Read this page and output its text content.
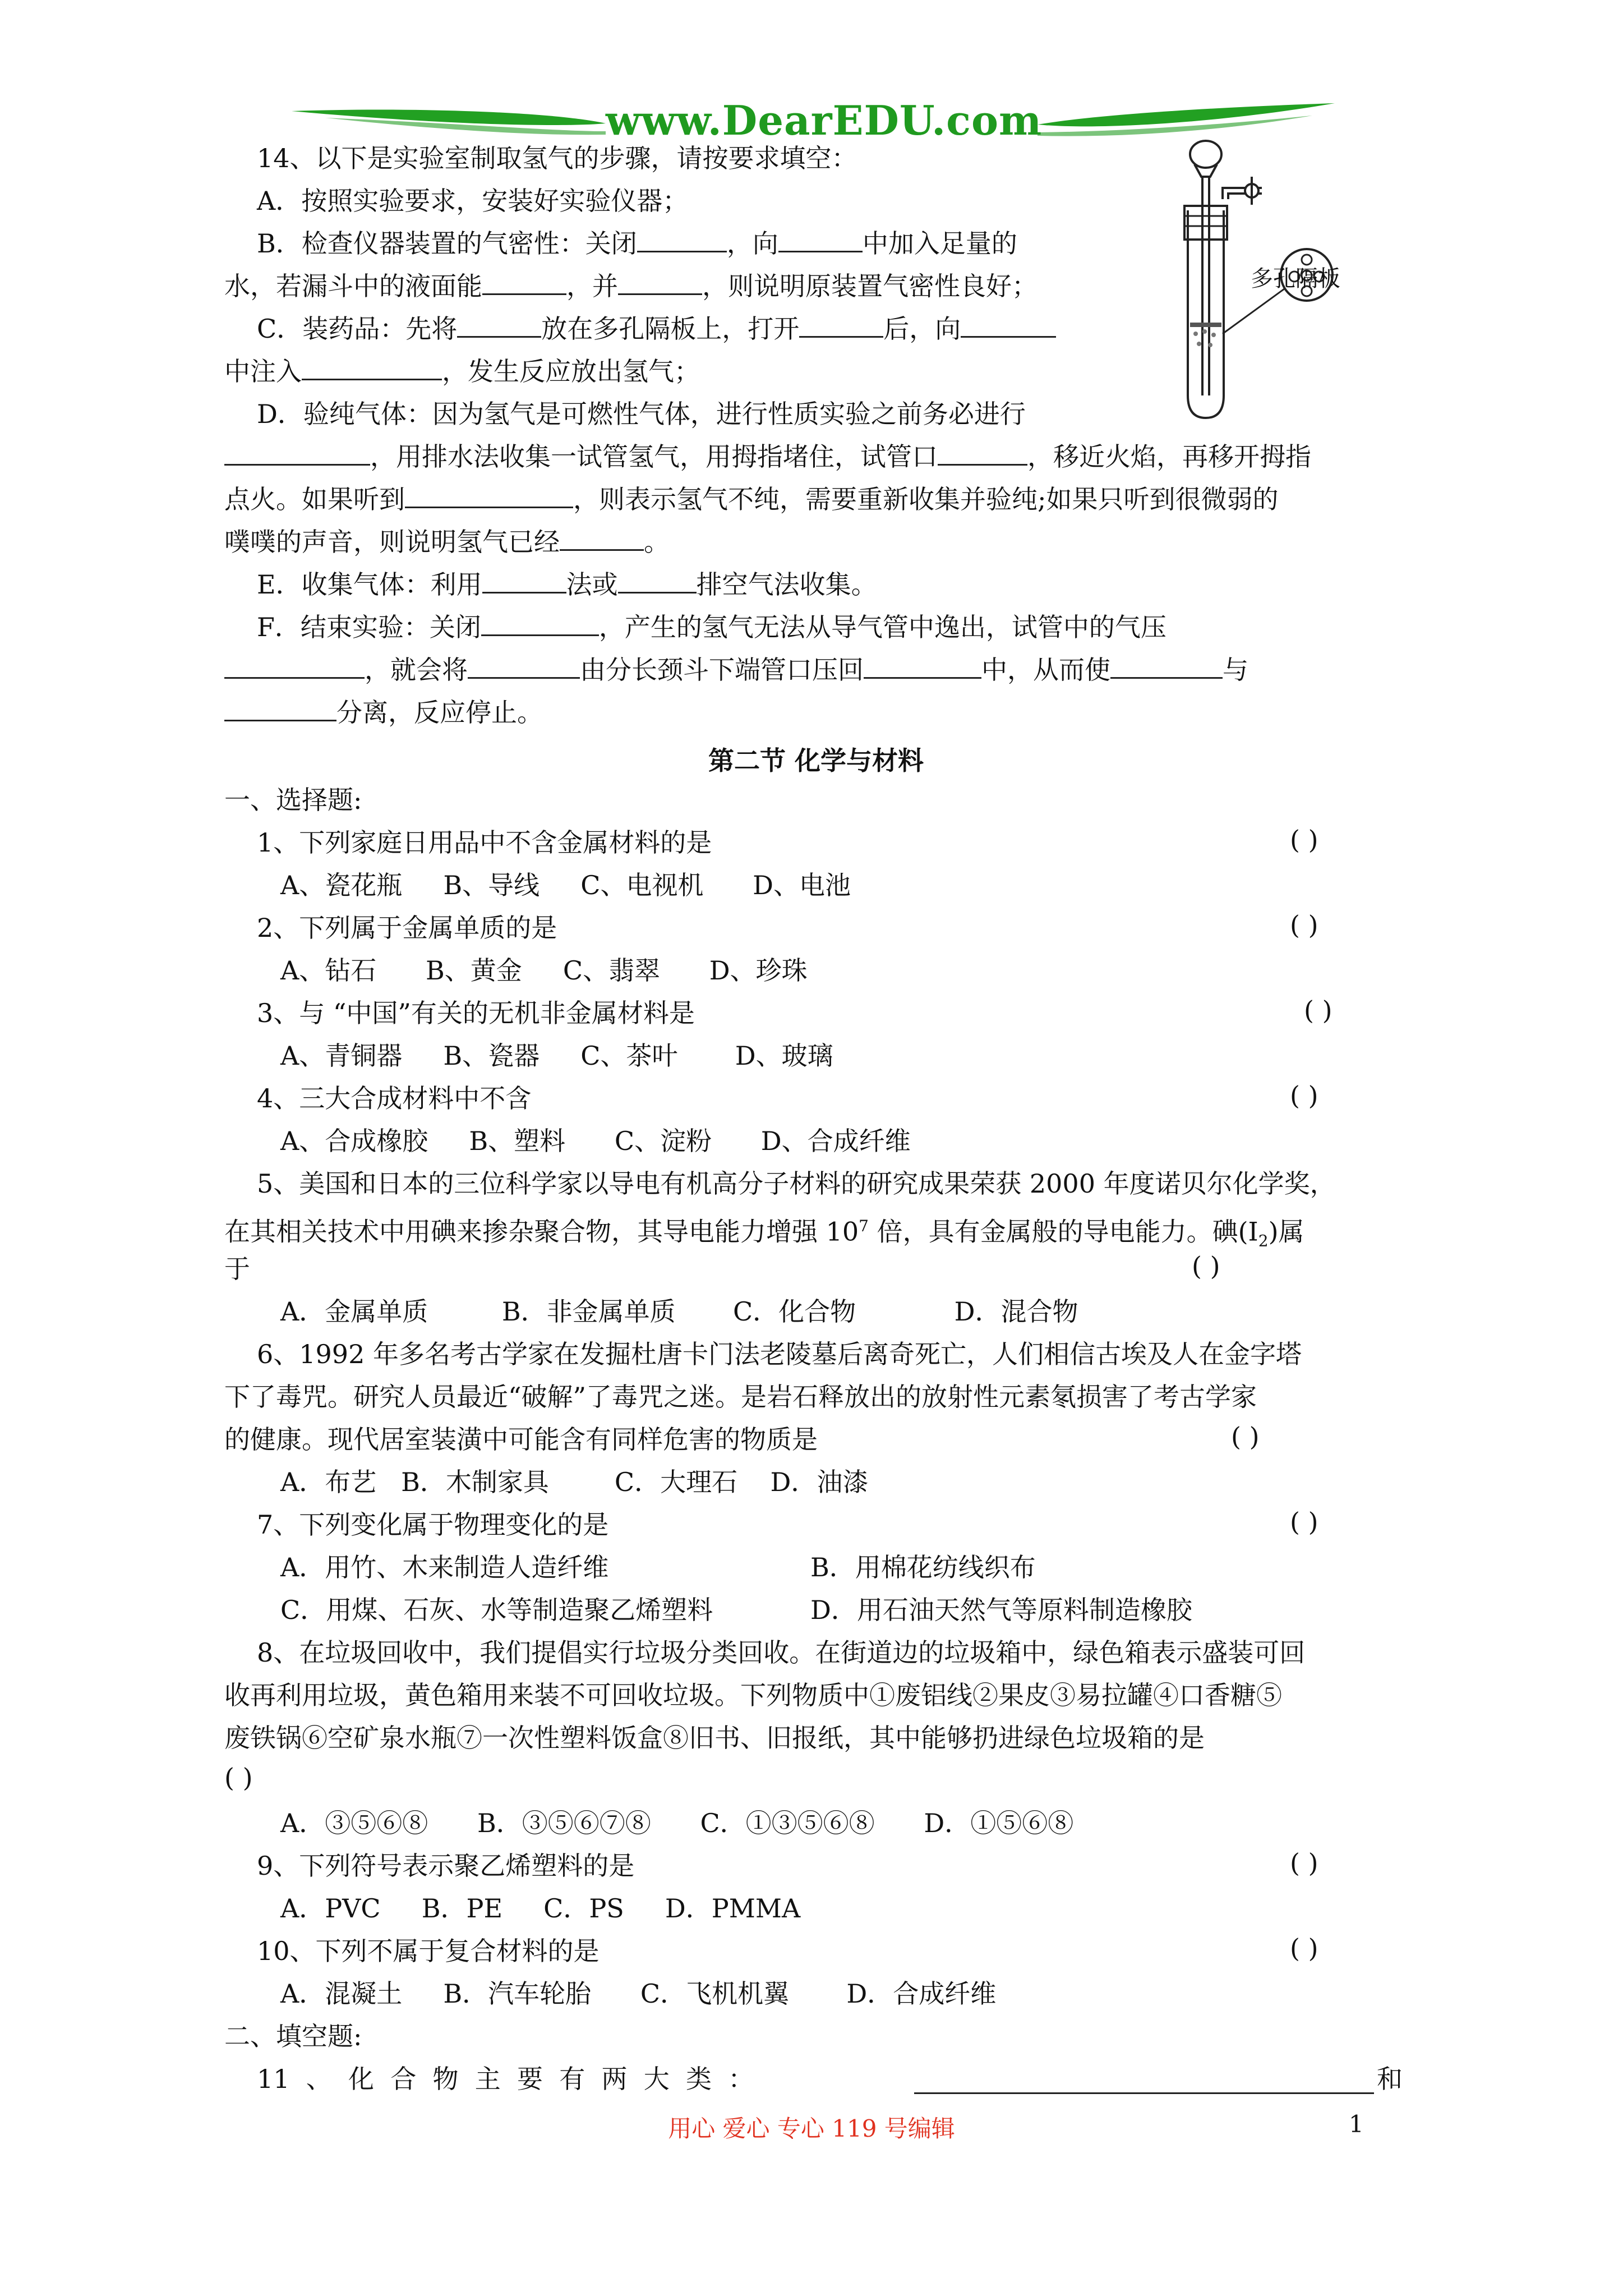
www.DearEDU.com
多孔隔板
14、以下是实验室制取氢气的步骤，请按要求填空：
A．按照实验要求，安装好实验仪器；
B．检查仪器装置的气密性：关闭	，向	中加入足量的
水，若漏斗中的液面能	，并	，则说明原装置气密性良好；
C．装药品：先将	放在多孔隔板上，打开	后，向
中注入	，发生反应放出氢气；
D．验纯气体：因为氢气是可燃性气体，进行性质实验之前务必进行
，用排水法收集一试管氢气，用拇指堵住，试管口	，移近火焰，再移开拇指
点火。如果听到	，则表示氢气不纯，需要重新收集并验纯;如果只听到很微弱的
噗噗的声音，则说明氢气已经	。
E．收集气体：利用	法或	排空气法收集。
F．结束实验：关闭	，产生的氢气无法从导气管中逸出，试管中的气压
，就会将	由分长颈斗下端管口压回	中，从而使	与
分离，反应停止。
第二节 化学与材料
一、选择题:
1、下列家庭日用品中不含金属材料的是	( )
A、瓷花瓶     B、导线     C、电视机      D、电池
2、下列属于金属单质的是	( )
A、钻石      B、黄金     C、翡翠      D、珍珠
3、与 “中国”有关的无机非金属材料是	( )
A、青铜器     B、瓷器     C、茶叶       D、玻璃
4、三大合成材料中不含	( )
A、合成橡胶     B、塑料      C、淀粉      D、合成纤维
5、美国和日本的三位科学家以导电有机高分子材料的研究成果荣获 2000 年度诺贝尔化学奖，
在其相关技术中用碘来掺杂聚合物，其导电能力增强 $10^7$ 倍，具有金属般的导电能力。碘$(I_2)$属
于	( )
A．金属单质         B．非金属单质       C．化合物            D．混合物
6、1992 年多名考古学家在发掘杜唐卡门法老陵墓后离奇死亡，人们相信古埃及人在金字塔
下了毒咒。研究人员最近“破解”了毒咒之迷。是岩石释放出的放射性元素氡损害了考古学家
的健康。现代居室装潢中可能含有同样危害的物质是	( )
A．布艺   B．木制家具        C．大理石    D．油漆
7、下列变化属于物理变化的是	( )
A．用竹、木来制造人造纤维	B．用棉花纺线织布
C．用煤、石灰、水等制造聚乙烯塑料	D．用石油天然气等原料制造橡胶
8、在垃圾回收中，我们提倡实行垃圾分类回收。在街道边的垃圾箱中，绿色箱表示盛装可回
收再利用垃圾，黄色箱用来装不可回收垃圾。下列物质中①废铝线②果皮③易拉罐④口香糖⑤
废铁锅⑥空矿泉水瓶⑦一次性塑料饭盒⑧旧书、旧报纸，其中能够扔进绿色垃圾箱的是
( )
A．③⑤⑥⑧      B．③⑤⑥⑦⑧      C．①③⑤⑥⑧      D．①⑤⑥⑧
9、下列符号表示聚乙烯塑料的是	( )
A．PVC     B．PE     C．PS     D．PMMA
10、下列不属于复合材料的是	( )
A．混凝土     B．汽车轮胎      C．飞机机翼       D．合成纤维
二、填空题:
11  、  化  合  物  主  要  有  两  大  类  ：	和
用心 爱心 专心 119 号编辑	1
